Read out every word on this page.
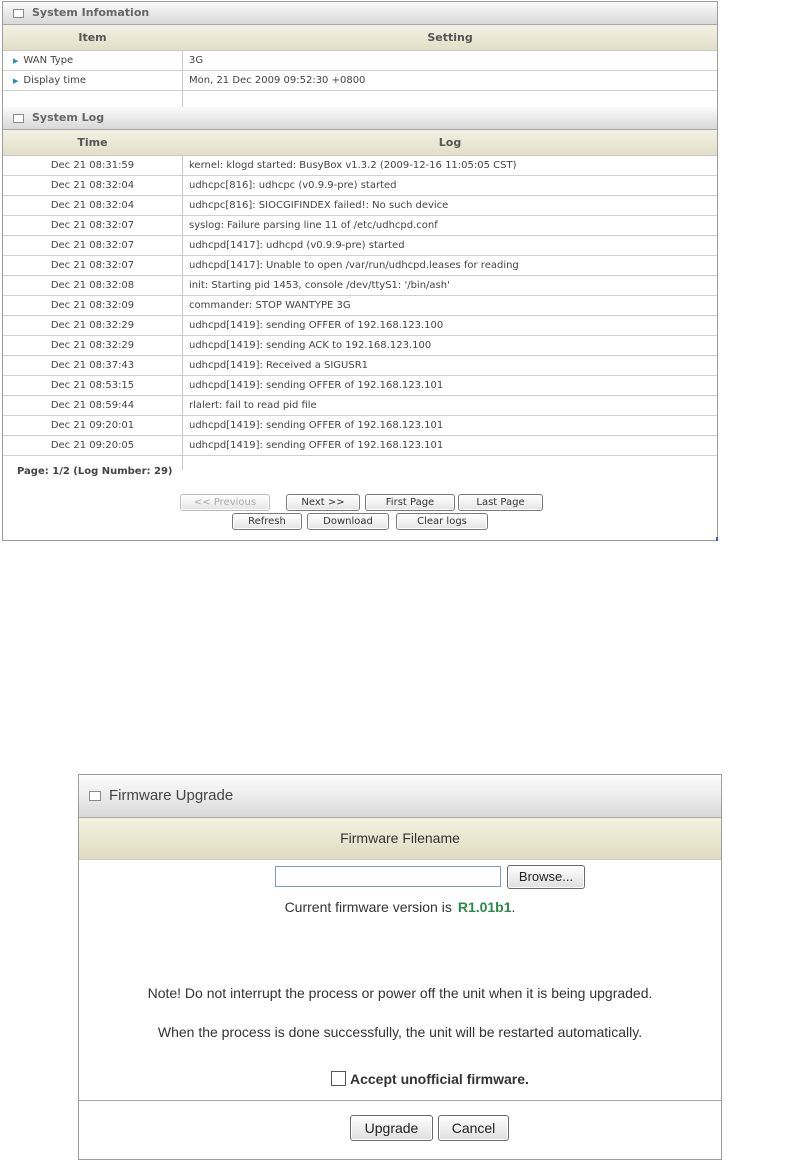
System Infomation
Item	Setting
▶ WAN Type	3G
▶ Display time	Mon, 21 Dec 2009 09:52:30 +0800
System Log
Time	Log
Dec 21 08:31:59	kernel: klogd started: BusyBox v1.3.2 (2009-12-16 11:05:05 CST)
Dec 21 08:32:04	udhcpc[816]: udhcpc (v0.9.9-pre) started
Dec 21 08:32:04	udhcpc[816]: SIOCGIFINDEX failed!: No such device
Dec 21 08:32:07	syslog: Failure parsing line 11 of /etc/udhcpd.conf
Dec 21 08:32:07	udhcpd[1417]: udhcpd (v0.9.9-pre) started
Dec 21 08:32:07	udhcpd[1417]: Unable to open /var/run/udhcpd.leases for reading
Dec 21 08:32:08	init: Starting pid 1453, console /dev/ttyS1: '/bin/ash'
Dec 21 08:32:09	commander: STOP WANTYPE 3G
Dec 21 08:32:29	udhcpd[1419]: sending OFFER of 192.168.123.100
Dec 21 08:32:29	udhcpd[1419]: sending ACK to 192.168.123.100
Dec 21 08:37:43	udhcpd[1419]: Received a SIGUSR1
Dec 21 08:53:15	udhcpd[1419]: sending OFFER of 192.168.123.101
Dec 21 08:59:44	rlalert: fail to read pid file
Dec 21 09:20:01	udhcpd[1419]: sending OFFER of 192.168.123.101
Dec 21 09:20:05	udhcpd[1419]: sending OFFER of 192.168.123.101
Page: 1/2 (Log Number: 29)
<< Previous	Next >>	First Page	Last Page
Refresh	Download	Clear logs
Firmware Upgrade
Firmware Filename
Browse...
Current firmware version is R1.01b1.
Note! Do not interrupt the process or power off the unit when it is being upgraded.
When the process is done successfully, the unit will be restarted automatically.
Accept unofficial firmware.
Upgrade	Cancel
